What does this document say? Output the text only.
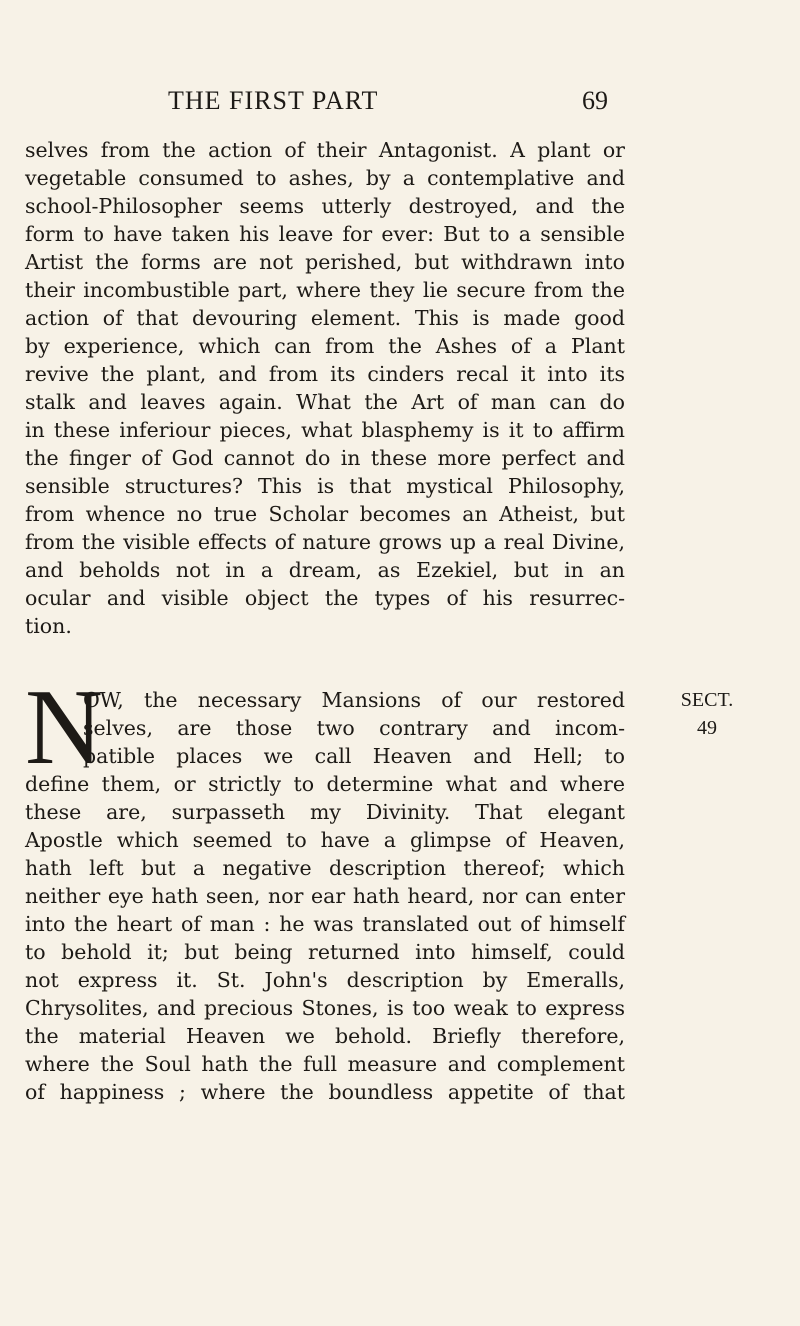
THE FIRST PART	69
selves from the action of their Antagonist. A plant or
vegetable consumed to ashes, by a contemplative and
school-Philosopher seems utterly destroyed, and the
form to have taken his leave for ever: But to a sensible
Artist the forms are not perished, but withdrawn into
their incombustible part, where they lie secure from the
action of that devouring element. This is made good
by experience, which can from the Ashes of a Plant
revive the plant, and from its cinders recal it into its
stalk and leaves again. What the Art of man can do
in these inferiour pieces, what blasphemy is it to affirm
the finger of God cannot do in these more perfect and
sensible structures? This is that mystical Philosophy,
from whence no true Scholar becomes an Atheist, but
from the visible effects of nature grows up a real Divine,
and beholds not in a dream, as Ezekiel, but in an
ocular and visible object the types of his resurrec-
tion.
N
OW, the necessary Mansions of our restored
selves, are those two contrary and incom-
patible places we call Heaven and Hell; to
define them, or strictly to determine what and where
these are, surpasseth my Divinity. That elegant
Apostle which seemed to have a glimpse of Heaven,
hath left but a negative description thereof; which
neither eye hath seen, nor ear hath heard, nor can enter
into the heart of man : he was translated out of himself
to behold it; but being returned into himself, could
not express it. St. John's description by Emeralls,
Chrysolites, and precious Stones, is too weak to express
the material Heaven we behold. Briefly therefore,
where the Soul hath the full measure and complement
of happiness ; where the boundless appetite of that
SECT.
49
